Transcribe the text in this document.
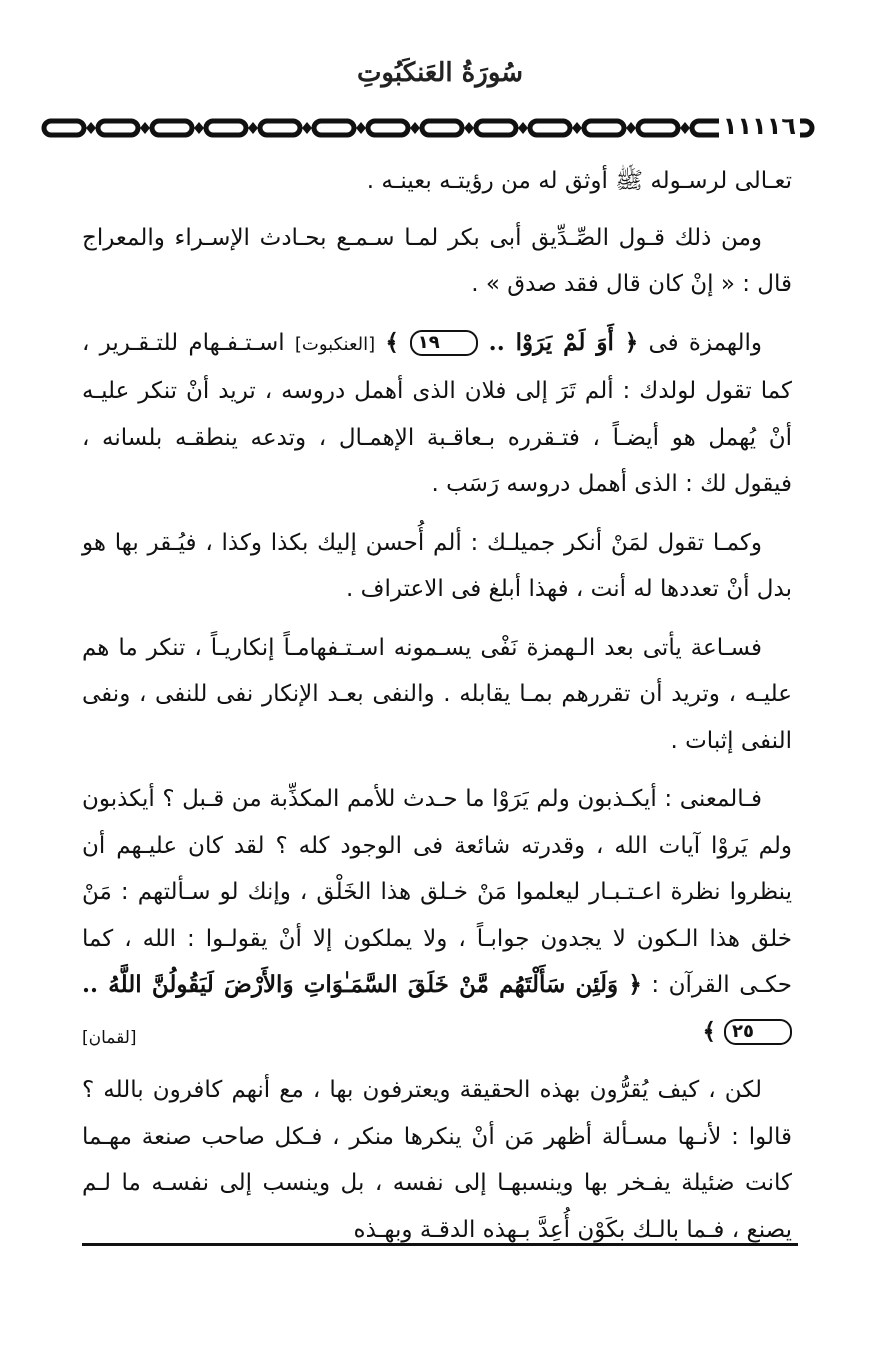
سُورَةُ العَنكَبُوتِ
١١١١٦

تعـالى لرسـوله ﷺ أوثق له من رؤيتـه بعينـه .

ومن ذلك قـول الصِّـدِّيق أبى بكر لمـا سـمـع بحـادث الإسـراء والمعراج قال : « إنْ كان قال فقد صدق » .

والهمزة فى ﴿ أَوَ لَمْ يَرَوْا .. ١٩ ﴾ [العنكبوت] اسـتـفـهام للتـقـرير ، كما تقول لولدك : ألم تَرَ إلى فلان الذى أهمل دروسه ، تريد أنْ تنكر عليـه أنْ يُهمل هو أيضـاً ، فتـقرره بـعاقـبة الإهمـال ، وتدعه ينطقـه بلسانه ، فيقول لك : الذى أهمل دروسه رَسَب .

وكمـا تقول لمَنْ أنكر جميلـك : ألم أُحسن إليك بكذا وكذا ، فيُـقر بها هو بدل أنْ تعددها له أنت ، فهذا أبلغ فى الاعتراف .

فسـاعة يأتى بعد الـهمزة نَفْى يسـمونه اسـتـفهامـاً إنكاريـاً ، تنكر ما هم عليـه ، وتريد أن تقررهم بمـا يقابله . والنفى بعـد الإنكار نفى للنفى ، ونفى النفى إثبات .

فـالمعنى : أيكـذبون ولم يَرَوْا ما حـدث للأمم المكذِّبة من قـبل ؟ أيكذبون ولم يَروْا آيات الله ، وقدرته شائعة فى الوجود كله ؟ لقد كان عليـهم أن ينظروا نظرة اعـتـبـار ليعلموا مَنْ خـلق هذا الخَلْق ، وإنك لو سـألتهم : مَنْ خلق هذا الـكون لا يجدون جوابـاً ، ولا يملكون إلا أنْ يقولـوا : الله ، كما حكـى القرآن : ﴿ وَلَئِن سَأَلْتَهُم مَّنْ خَلَقَ السَّمَـٰوَاتِ وَالأَرْضَ لَيَقُولُنَّ اللَّهُ .. ٢٥ ﴾
[لقمان]

لكن ، كيف يُقرُّون بهذه الحقيقة ويعترفون بها ، مع أنهم كافرون بالله ؟ قالوا : لأنـها مسـألة أظهر مَن أنْ ينكرها منكر ، فـكل صاحب صنعة مهـما كانت ضئيلة يفـخر بها وينسبهـا إلى نفسه ، بل وينسب إلى نفسـه ما لـم يصنع ، فـما بالـك بكَوْن أُعِدَّ بـهذه الدقـة وبهـذه
